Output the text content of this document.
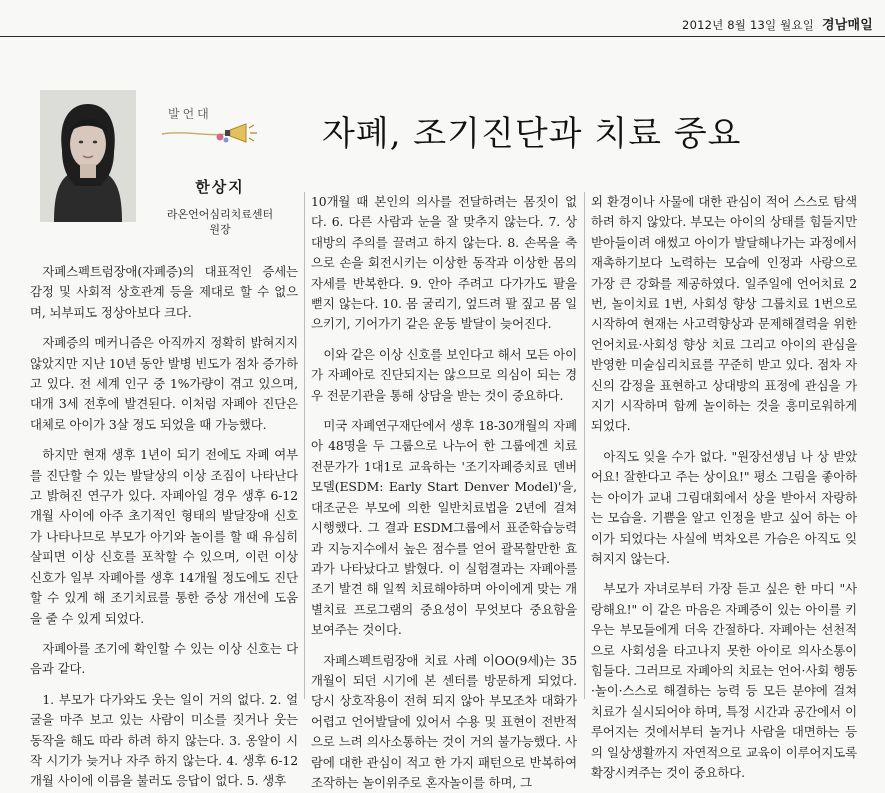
2012년 8월 13일 월요일 경남매일
발언대
한상지
라온언어심리치료센터
원장
자폐, 조기진단과 치료 중요

자폐스펙트럼장애(자폐증)의 대표적인 증세는 감정 및 사회적 상호관계 등을 제대로 할 수 없으며, 뇌부피도 정상아보다 크다.

자폐증의 메커니즘은 아직까지 정확히 밝혀지지 않았지만 지난 10년 동안 발병 빈도가 점차 증가하고 있다. 전 세계 인구 중 1%가량이 겪고 있으며, 대개 3세 전후에 발견된다. 이처럼 자폐아 진단은 대체로 아이가 3살 정도 되었을 때 가능했다.

하지만 현재 생후 1년이 되기 전에도 자폐 여부를 진단할 수 있는 발달상의 이상 조짐이 나타난다고 밝혀진 연구가 있다. 자폐아일 경우 생후 6-12개월 사이에 아주 초기적인 형태의 발달장애 신호가 나타나므로 부모가 아기와 놀이를 할 때 유심히 살피면 이상 신호를 포착할 수 있으며, 이런 이상 신호가 일부 자폐아를 생후 14개월 정도에도 진단할 수 있게 해 조기치료를 통한 증상 개선에 도움을 줄 수 있게 되었다.

자폐아를 조기에 확인할 수 있는 이상 신호는 다음과 같다.

1. 부모가 다가와도 웃는 일이 거의 없다. 2. 얼굴을 마주 보고 있는 사람이 미소를 짓거나 웃는 동작을 해도 따라 하려 하지 않는다. 3. 옹알이 시작 시기가 늦거나 자주 하지 않는다. 4. 생후 6-12개월 사이에 이름을 불러도 응답이 없다. 5. 생후

10개월 때 본인의 의사를 전달하려는 몸짓이 없다. 6. 다른 사람과 눈을 잘 맞추지 않는다. 7. 상대방의 주의를 끌려고 하지 않는다. 8. 손목을 축으로 손을 회전시키는 이상한 동작과 이상한 몸의 자세를 반복한다. 9. 안아 주려고 다가가도 팔을 뻗지 않는다. 10. 몸 굴리기, 엎드려 팔 짚고 몸 일으키기, 기어가기 같은 운동 발달이 늦어진다.

이와 같은 이상 신호를 보인다고 해서 모든 아이가 자폐아로 진단되지는 않으므로 의심이 되는 경우 전문기관을 통해 상담을 받는 것이 중요하다.

미국 자폐연구재단에서 생후 18-30개월의 자폐아 48명을 두 그룹으로 나누어 한 그룹에겐 치료 전문가가 1대1로 교육하는 '조기자폐증치료 덴버 모델(ESDM: Early Start Denver Model)'을, 대조군은 부모에 의한 일반치료법을 2년에 걸쳐 시행했다. 그 결과 ESDM그룹에서 표준학습능력과 지능지수에서 높은 점수를 얻어 괄목할만한 효과가 나타났다고 밝혔다. 이 실험결과는 자폐아를 조기 발견 해 일찍 치료해야하며 아이에게 맞는 개별치료 프로그램의 중요성이 무엇보다 중요함을 보여주는 것이다.

자폐스펙트럼장애 치료 사례 이OO(9세)는 35개월이 되던 시기에 본 센터를 방문하게 되었다. 당시 상호작용이 전혀 되지 않아 부모조차 대화가 어렵고 언어발달에 있어서 수용 및 표현이 전반적으로 느려 의사소통하는 것이 거의 불가능했다. 사람에 대한 관심이 적고 한 가지 패턴으로 반복하여 조작하는 놀이위주로 혼자놀이를 하며, 그

외 환경이나 사물에 대한 관심이 적어 스스로 탐색하려 하지 않았다. 부모는 아이의 상태를 힘들지만 받아들이려 애썼고 아이가 발달해나가는 과정에서 재촉하기보다 노력하는 모습에 인정과 사랑으로 가장 큰 강화를 제공하였다. 일주일에 언어치료 2번, 놀이치료 1번, 사회성 향상 그룹치료 1번으로 시작하여 현재는 사고력향상과 문제해결력을 위한 언어치료·사회성 향상 치료 그리고 아이의 관심을 반영한 미술심리치료를 꾸준히 받고 있다. 점차 자신의 감정을 표현하고 상대방의 표정에 관심을 가지기 시작하며 함께 놀이하는 것을 흥미로워하게 되었다.

아직도 잊을 수가 없다. "원장선생님 나 상 받았어요! 잘한다고 주는 상이요!" 평소 그림을 좋아하는 아이가 교내 그림대회에서 상을 받아서 자랑하는 모습을. 기쁨을 알고 인정을 받고 싶어 하는 아이가 되었다는 사실에 벅차오른 가슴은 아직도 잊혀지지 않는다.

부모가 자녀로부터 가장 듣고 싶은 한 마디 "사랑해요!" 이 같은 마음은 자폐증이 있는 아이를 키우는 부모들에게 더욱 간절하다. 자폐아는 선천적으로 사회성을 타고나지 못한 아이로 의사소통이 힘들다. 그러므로 자폐아의 치료는 언어·사회 행동·놀이·스스로 해결하는 능력 등 모든 분야에 걸쳐 치료가 실시되어야 하며, 특정 시간과 공간에서 이루어지는 것에서부터 놀거나 사람을 대면하는 등의 일상생활까지 자연적으로 교육이 이루어지도록 확장시켜주는 것이 중요하다.
